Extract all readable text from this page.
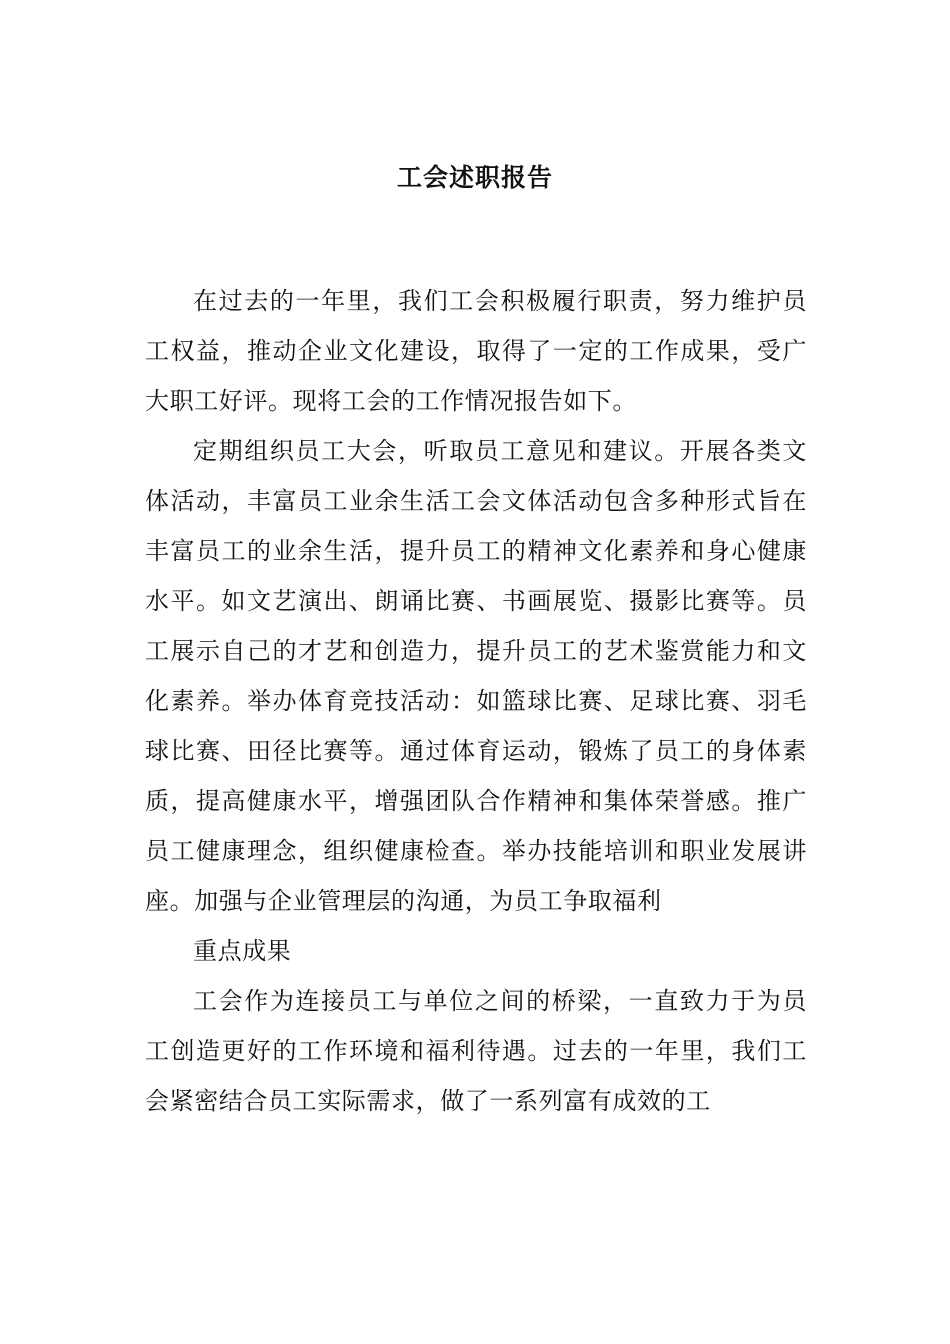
工会述职报告

在过去的一年里，我们工会积极履行职责，努力维护员工权益，推动企业文化建设，取得了一定的工作成果，受广大职工好评。现将工会的工作情况报告如下。

定期组织员工大会，听取员工意见和建议。开展各类文体活动，丰富员工业余生活工会文体活动包含多种形式旨在丰富员工的业余生活，提升员工的精神文化素养和身心健康水平。如文艺演出、朗诵比赛、书画展览、摄影比赛等。员工展示自己的才艺和创造力，提升员工的艺术鉴赏能力和文化素养。举办体育竞技活动：如篮球比赛、足球比赛、羽毛球比赛、田径比赛等。通过体育运动，锻炼了员工的身体素质，提高健康水平，增强团队合作精神和集体荣誉感。推广员工健康理念，组织健康检查。举办技能培训和职业发展讲座。加强与企业管理层的沟通，为员工争取福利

重点成果

工会作为连接员工与单位之间的桥梁，一直致力于为员工创造更好的工作环境和福利待遇。过去的一年里，我们工会紧密结合员工实际需求，做了一系列富有成效的工
